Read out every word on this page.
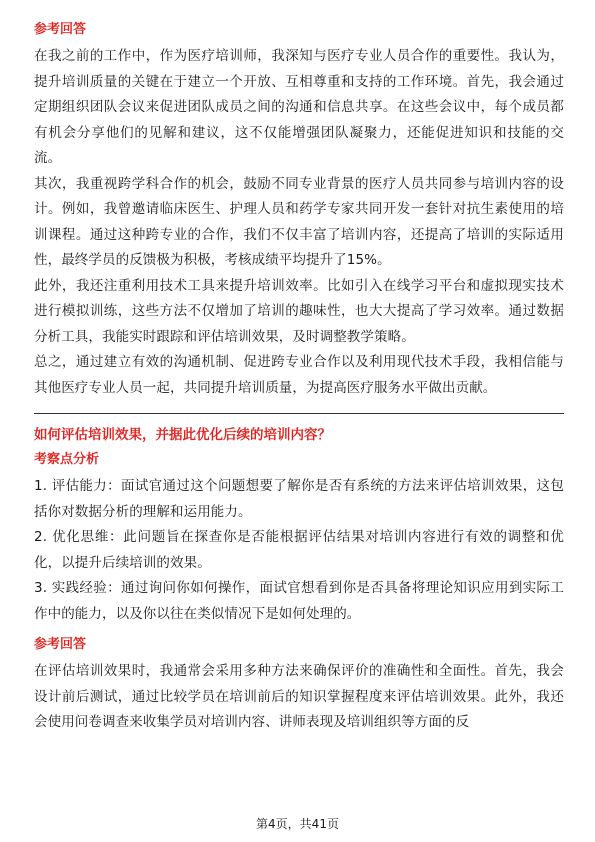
参考回答

在我之前的工作中，作为医疗培训师，我深知与医疗专业人员合作的重要性。我认为，提升培训质量的关键在于建立一个开放、互相尊重和支持的工作环境。首先，我会通过定期组织团队会议来促进团队成员之间的沟通和信息共享。在这些会议中，每个成员都有机会分享他们的见解和建议，这不仅能增强团队凝聚力，还能促进知识和技能的交流。

其次，我重视跨学科合作的机会，鼓励不同专业背景的医疗人员共同参与培训内容的设计。例如，我曾邀请临床医生、护理人员和药学专家共同开发一套针对抗生素使用的培训课程。通过这种跨专业的合作，我们不仅丰富了培训内容，还提高了培训的实际适用性，最终学员的反馈极为积极，考核成绩平均提升了15%。

此外，我还注重利用技术工具来提升培训效率。比如引入在线学习平台和虚拟现实技术进行模拟训练，这些方法不仅增加了培训的趣味性，也大大提高了学习效率。通过数据分析工具，我能实时跟踪和评估培训效果，及时调整教学策略。

总之，通过建立有效的沟通机制、促进跨专业合作以及利用现代技术手段，我相信能与其他医疗专业人员一起，共同提升培训质量，为提高医疗服务水平做出贡献。

如何评估培训效果，并据此优化后续的培训内容？
考察点分析

1. 评估能力：面试官通过这个问题想要了解你是否有系统的方法来评估培训效果，这包括你对数据分析的理解和运用能力。

2. 优化思维：此问题旨在探查你是否能根据评估结果对培训内容进行有效的调整和优化，以提升后续培训的效果。

3. 实践经验：通过询问你如何操作，面试官想看到你是否具备将理论知识应用到实际工作中的能力，以及你以往在类似情况下是如何处理的。

参考回答

在评估培训效果时，我通常会采用多种方法来确保评价的准确性和全面性。首先，我会设计前后测试，通过比较学员在培训前后的知识掌握程度来评估培训效果。此外，我还会使用问卷调查来收集学员对培训内容、讲师表现及培训组织等方面的反

第4页，共41页
